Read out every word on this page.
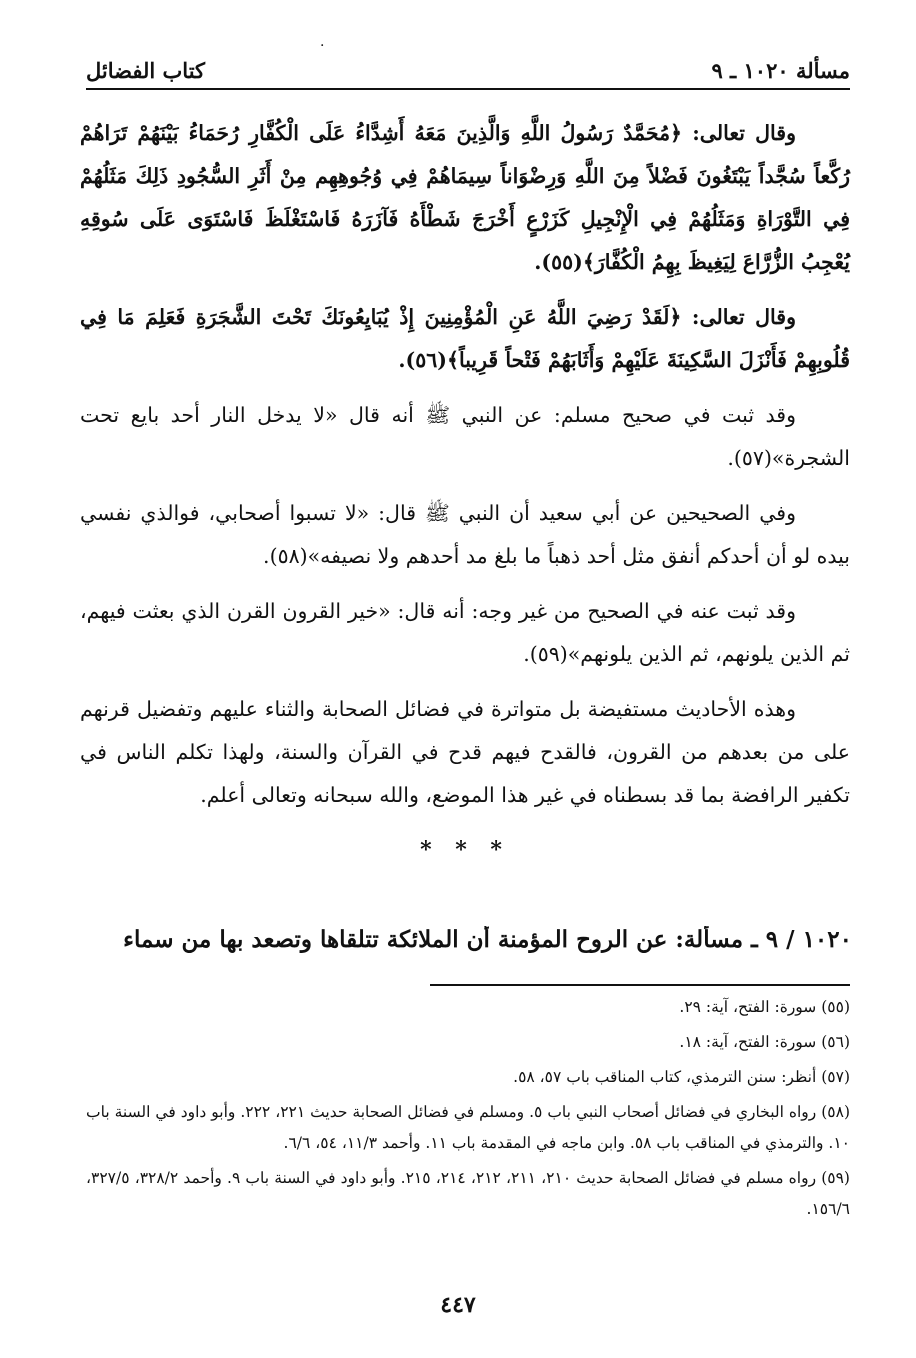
·
مسألة ١٠٢٠ ـ ٩
كتاب الفضائل

وقال تعالى: ﴿مُحَمَّدٌ رَسُولُ اللَّهِ وَالَّذِينَ مَعَهُ أَشِدَّاءُ عَلَى الْكُفَّارِ رُحَمَاءُ بَيْنَهُمْ تَرَاهُمْ رُكَّعاً سُجَّداً يَبْتَغُونَ فَضْلاً مِنَ اللَّهِ وَرِضْوَاناً سِيمَاهُمْ فِي وُجُوهِهِم مِنْ أَثَرِ السُّجُودِ ذَلِكَ مَثَلُهُمْ فِي التَّوْرَاةِ وَمَثَلُهُمْ فِي الْإِنْجِيلِ كَزَرْعٍ أَخْرَجَ شَطْأَهُ فَآزَرَهُ فَاسْتَغْلَظَ فَاسْتَوَى عَلَى سُوقِهِ يُعْجِبُ الزُّرَّاعَ لِيَغِيظَ بِهِمُ الْكُفَّارَ﴾(٥٥).

وقال تعالى: ﴿لَقَدْ رَضِيَ اللَّهُ عَنِ الْمُؤْمِنِينَ إِذْ يُبَايِعُونَكَ تَحْتَ الشَّجَرَةِ فَعَلِمَ مَا فِي قُلُوبِهِمْ فَأَنْزَلَ السَّكِينَةَ عَلَيْهِمْ وَأَثَابَهُمْ فَتْحاً قَرِيباً﴾(٥٦).

وقد ثبت في صحيح مسلم: عن النبي ﷺ أنه قال «لا يدخل النار أحد بايع تحت الشجرة»(٥٧).

وفي الصحيحين عن أبي سعيد أن النبي ﷺ قال: «لا تسبوا أصحابي، فوالذي نفسي بيده لو أن أحدكم أنفق مثل أحد ذهباً ما بلغ مد أحدهم ولا نصيفه»(٥٨).

وقد ثبت عنه في الصحيح من غير وجه: أنه قال: «خير القرون القرن الذي بعثت فيهم، ثم الذين يلونهم، ثم الذين يلونهم»(٥٩).

وهذه الأحاديث مستفيضة بل متواترة في فضائل الصحابة والثناء عليهم وتفضيل قرنهم على من بعدهم من القرون، فالقدح فيهم قدح في القرآن والسنة، ولهذا تكلم الناس في تكفير الرافضة بما قد بسطناه في غير هذا الموضع، والله سبحانه وتعالى أعلم.

* * *
١٠٢٠ / ٩ ـ مسألة: عن الروح المؤمنة أن الملائكة تتلقاها وتصعد بها من سماء

(٥٥) سورة: الفتح، آية: ٢٩.

(٥٦) سورة: الفتح، آية: ١٨.

(٥٧) أنظر: سنن الترمذي، كتاب المناقب باب ٥٧، ٥٨.

(٥٨) رواه البخاري في فضائل أصحاب النبي باب ٥. ومسلم في فضائل الصحابة حديث ٢٢١، ٢٢٢. وأبو داود في السنة باب ١٠. والترمذي في المناقب باب ٥٨. وابن ماجه في المقدمة باب ١١. وأحمد ١١/٣، ٥٤، ٦/٦.

(٥٩) رواه مسلم في فضائل الصحابة حديث ٢١٠، ٢١١، ٢١٢، ٢١٤، ٢١٥. وأبو داود في السنة باب ٩. وأحمد ٣٢٨/٢، ٣٢٧/٥، ١٥٦/٦.

٤٤٧
